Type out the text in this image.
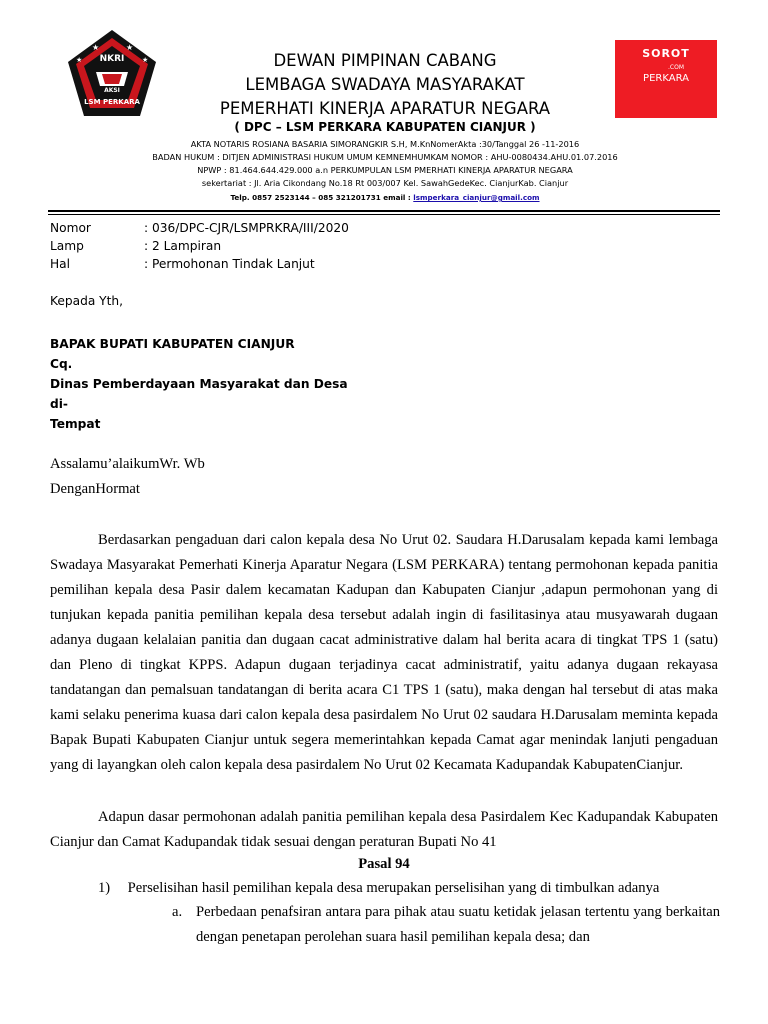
★	★
★	★
NKRI
AKSI
LSM PERKARA
SOROT
.COM
PERKARA
DEWAN PIMPINAN CABANG
LEMBAGA SWADAYA MASYARAKAT
PEMERHATI KINERJA APARATUR NEGARA
( DPC – LSM PERKARA KABUPATEN CIANJUR )
AKTA NOTARIS ROSIANA BASARIA SIMORANGKIR S.H, M.KnNomerAkta :30/Tanggal 26 -11-2016
BADAN HUKUM : DITJEN ADMINISTRASI HUKUM UMUM KEMNEMHUMKAM NOMOR : AHU-0080434.AHU.01.07.2016
NPWP : 81.464.644.429.000 a.n PERKUMPULAN LSM PMERHATI KINERJA APARATUR NEGARA
sekertariat : Jl. Aria Cikondang No.18 Rt 003/007 Kel. SawahGedeKec. CianjurKab. Cianjur
Telp. 0857 2523144 – 085 321201731 email : lsmperkara_cianjur@gmail.com
Nomor	: 036/DPC-CJR/LSMPRKRA/III/2020
Lamp	: 2 Lampiran
Hal	: Permohonan Tindak Lanjut
Kepada Yth,
BAPAK BUPATI KABUPATEN CIANJUR
Cq.
Dinas Pemberdayaan Masyarakat dan Desa
di-
Tempat
Assalamu’alaikumWr. Wb
DenganHormat
Berdasarkan pengaduan dari calon kepala desa No Urut 02. Saudara H.Darusalam kepada kami lembaga Swadaya Masyarakat Pemerhati Kinerja Aparatur Negara (LSM PERKARA) tentang permohonan kepada panitia pemilihan kepala desa Pasir dalem kecamatan Kadupan dan Kabupaten Cianjur ,adapun permohonan yang di tunjukan kepada panitia pemilihan kepala desa tersebut adalah ingin di fasilitasinya atau musyawarah dugaan adanya dugaan kelalaian panitia dan dugaan cacat administrative dalam hal berita acara di tingkat TPS 1 (satu) dan Pleno di tingkat KPPS. Adapun dugaan terjadinya cacat administratif, yaitu adanya dugaan rekayasa tandatangan dan pemalsuan tandatangan di berita acara C1 TPS 1 (satu), maka dengan hal tersebut di atas maka kami selaku penerima kuasa dari calon kepala desa pasirdalem No Urut 02 saudara H.Darusalam meminta kepada Bapak Bupati Kabupaten Cianjur untuk segera memerintahkan kepada Camat agar menindak lanjuti pengaduan yang di layangkan oleh calon kepala desa pasirdalem No Urut 02 Kecamata Kadupandak KabupatenCianjur.
Adapun dasar permohonan adalah panitia pemilihan kepala desa Pasirdalem Kec Kadupandak Kabupaten Cianjur dan Camat Kadupandak tidak sesuai dengan peraturan Bupati No 41
Pasal 94
1) Perselisihan hasil pemilihan kepala desa merupakan perselisihan yang di timbulkan adanya
a. Perbedaan penafsiran antara para pihak atau suatu ketidak jelasan tertentu yang berkaitan dengan penetapan perolehan suara hasil pemilihan kepala desa; dan
